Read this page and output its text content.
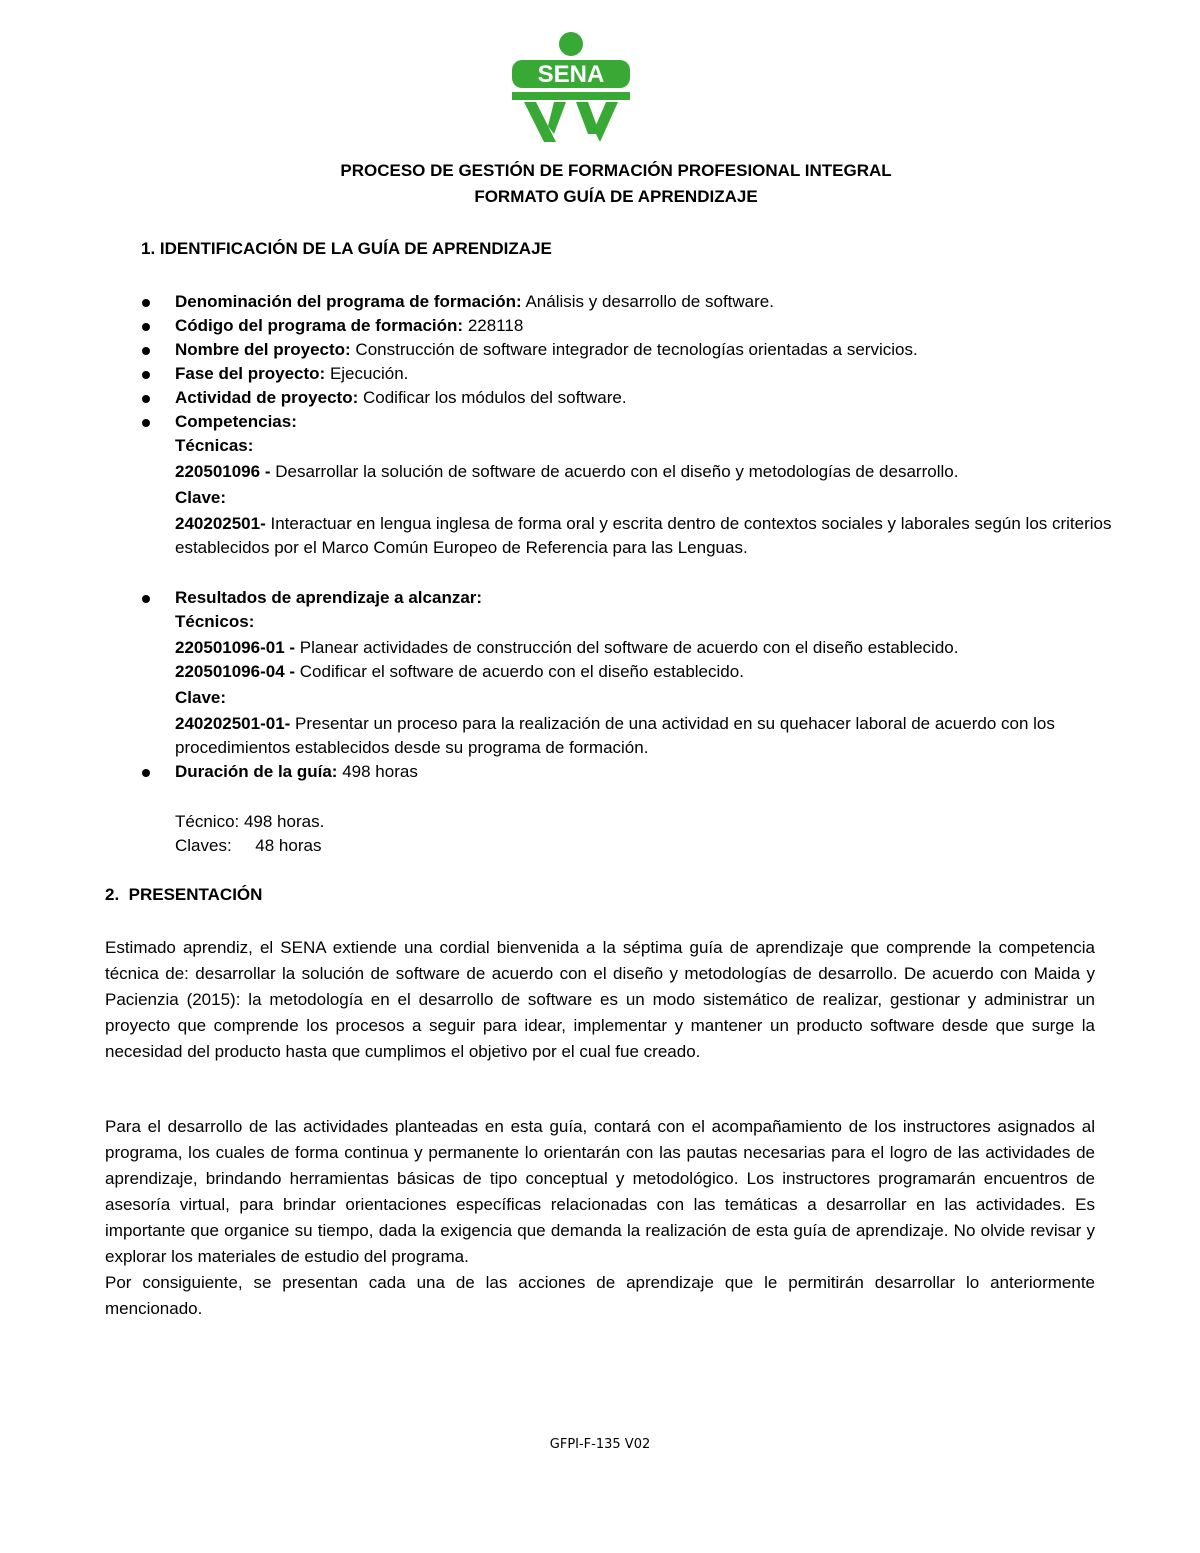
SENA
PROCESO DE GESTIÓN DE FORMACIÓN PROFESIONAL INTEGRAL
FORMATO GUÍA DE APRENDIZAJE
1. IDENTIFICACIÓN DE LA GUÍA DE APRENDIZAJE
Denominación del programa de formación: Análisis y desarrollo de software.
Código del programa de formación: 228118
Nombre del proyecto: Construcción de software integrador de tecnologías orientadas a servicios.
Fase del proyecto: Ejecución.
Actividad de proyecto: Codificar los módulos del software.
Competencias:
Técnicas:
220501096 - Desarrollar la solución de software de acuerdo con el diseño y metodologías de desarrollo.
Clave:
240202501- Interactuar en lengua inglesa de forma oral y escrita dentro de contextos sociales y laborales según los criterios establecidos por el Marco Común Europeo de Referencia para las Lenguas.
Resultados de aprendizaje a alcanzar:
Técnicos:
220501096-01 - Planear actividades de construcción del software de acuerdo con el diseño establecido.
220501096-04 - Codificar el software de acuerdo con el diseño establecido.
Clave:
240202501-01- Presentar un proceso para la realización de una actividad en su quehacer laboral de acuerdo con los procedimientos establecidos desde su programa de formación.
Duración de la guía: 498 horas
Técnico: 498 horas.
Claves:     48 horas
2.  PRESENTACIÓN
Estimado aprendiz, el SENA extiende una cordial bienvenida a la séptima guía de aprendizaje que comprende la competencia técnica de: desarrollar la solución de software de acuerdo con el diseño y metodologías de desarrollo. De acuerdo con Maida y Pacienzia (2015): la metodología en el desarrollo de software es un modo sistemático de realizar, gestionar y administrar un proyecto que comprende los procesos a seguir para idear, implementar y mantener un producto software desde que surge la necesidad del producto hasta que cumplimos el objetivo por el cual fue creado.
Para el desarrollo de las actividades planteadas en esta guía, contará con el acompañamiento de los instructores asignados al programa, los cuales de forma continua y permanente lo orientarán con las pautas necesarias para el logro de las actividades de aprendizaje, brindando herramientas básicas de tipo conceptual y metodológico. Los instructores programarán encuentros de asesoría virtual, para brindar orientaciones específicas relacionadas con las temáticas a desarrollar en las actividades. Es importante que organice su tiempo, dada la exigencia que demanda la realización de esta guía de aprendizaje. No olvide revisar y explorar los materiales de estudio del programa.
Por consiguiente, se presentan cada una de las acciones de aprendizaje que le permitirán desarrollar lo anteriormente mencionado.
GFPI-F-135 V02
